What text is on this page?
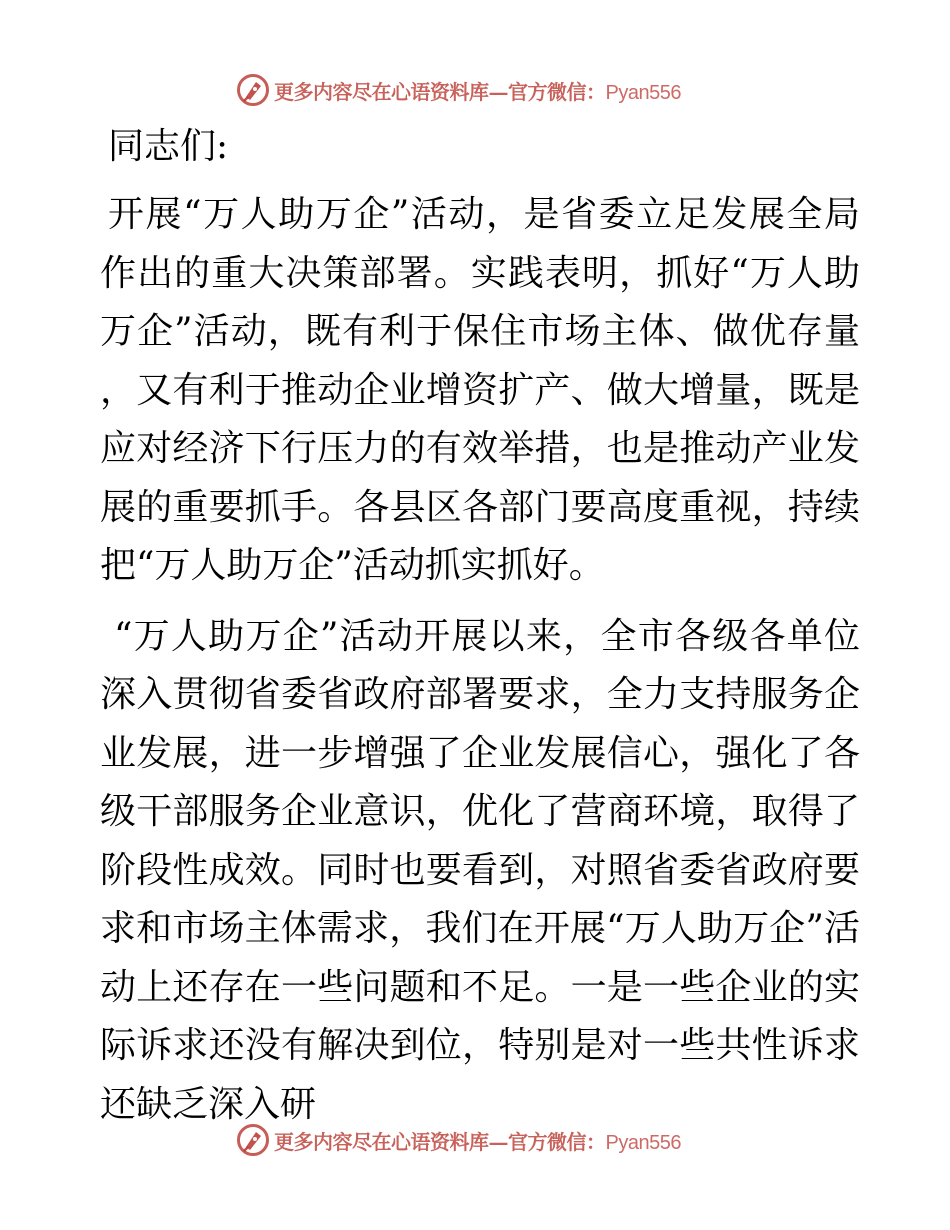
更多内容尽在心语资料库—官方微信：Pyan556
同志们:

开展“万人助万企”活动，是省委立足发展全局作出的重大决策部署。实践表明，抓好“万人助万企”活动，既有利于保住市场主体、做优存量，又有利于推动企业增资扩产、做大增量，既是应对经济下行压力的有效举措，也是推动产业发展的重要抓手。各县区各部门要高度重视，持续把“万人助万企”活动抓实抓好。

“万人助万企”活动开展以来，全市各级各单位深入贯彻省委省政府部署要求，全力支持服务企业发展，进一步增强了企业发展信心，强化了各级干部服务企业意识，优化了营商环境，取得了阶段性成效。同时也要看到，对照省委省政府要求和市场主体需求，我们在开展“万人助万企”活动上还存在一些问题和不足。一是一些企业的实际诉求还没有解决到位，特别是对一些共性诉求还缺乏深入研

更多内容尽在心语资料库—官方微信：Pyan556
